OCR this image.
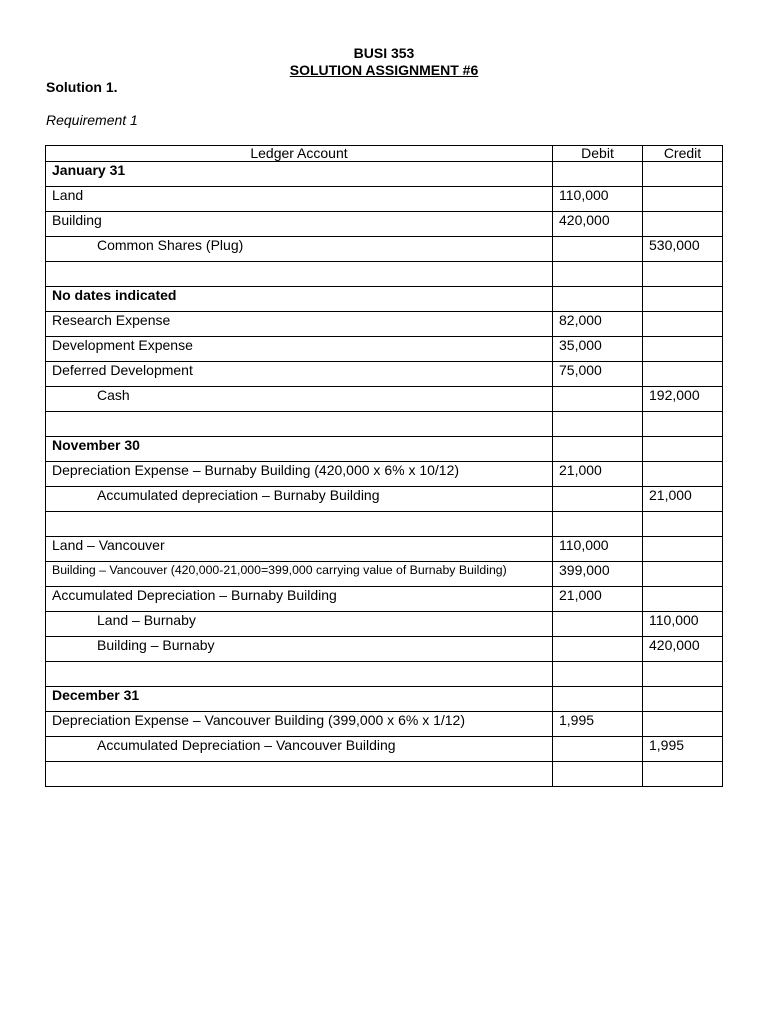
BUSI 353
SOLUTION ASSIGNMENT #6
Solution 1.
Requirement 1
Ledger Account	Debit	Credit
January 31		
Land	110,000	
Building	420,000	
Common Shares (Plug)		530,000

No dates indicated		
Research Expense	82,000	
Development Expense	35,000	
Deferred Development	75,000	
Cash		192,000

November 30		
Depreciation Expense – Burnaby Building (420,000 x 6% x 10/12)	21,000	
Accumulated depreciation – Burnaby Building		21,000

Land – Vancouver	110,000	
Building – Vancouver (420,000-21,000=399,000 carrying value of Burnaby Building)	399,000	
Accumulated Depreciation – Burnaby Building	21,000	
Land – Burnaby		110,000
Building – Burnaby		420,000

December 31		
Depreciation Expense – Vancouver Building (399,000 x 6% x 1/12)	1,995	
Accumulated Depreciation – Vancouver Building		1,995
